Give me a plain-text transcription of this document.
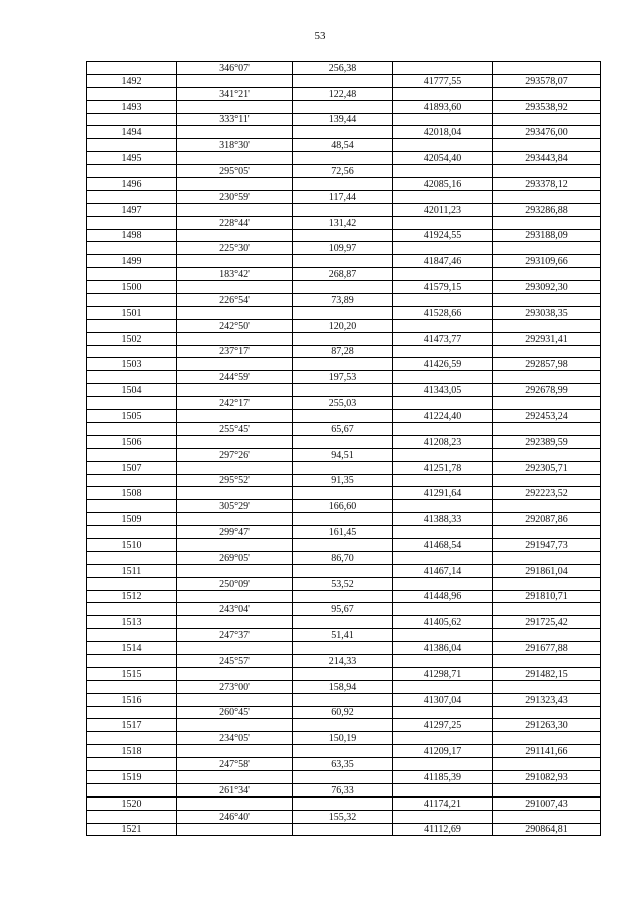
53
	346°07'	256,38		
1492			41777,55	293578,07
	341°21'	122,48		
1493			41893,60	293538,92
	333°11'	139,44		
1494			42018,04	293476,00
	318°30'	48,54		
1495			42054,40	293443,84
	295°05'	72,56		
1496			42085,16	293378,12
	230°59'	117,44		
1497			42011,23	293286,88
	228°44'	131,42		
1498			41924,55	293188,09
	225°30'	109,97		
1499			41847,46	293109,66
	183°42'	268,87		
1500			41579,15	293092,30
	226°54'	73,89		
1501			41528,66	293038,35
	242°50'	120,20		
1502			41473,77	292931,41
	237°17'	87,28		
1503			41426,59	292857,98
	244°59'	197,53		
1504			41343,05	292678,99
	242°17'	255,03		
1505			41224,40	292453,24
	255°45'	65,67		
1506			41208,23	292389,59
	297°26'	94,51		
1507			41251,78	292305,71
	295°52'	91,35		
1508			41291,64	292223,52
	305°29'	166,60		
1509			41388,33	292087,86
	299°47'	161,45		
1510			41468,54	291947,73
	269°05'	86,70		
1511			41467,14	291861,04
	250°09'	53,52		
1512			41448,96	291810,71
	243°04'	95,67		
1513			41405,62	291725,42
	247°37'	51,41		
1514			41386,04	291677,88
	245°57'	214,33		
1515			41298,71	291482,15
	273°00'	158,94		
1516			41307,04	291323,43
	260°45'	60,92		
1517			41297,25	291263,30
	234°05'	150,19		
1518			41209,17	291141,66
	247°58'	63,35		
1519			41185,39	291082,93
	261°34'	76,33		
1520			41174,21	291007,43
	246°40'	155,32		
1521			41112,69	290864,81
